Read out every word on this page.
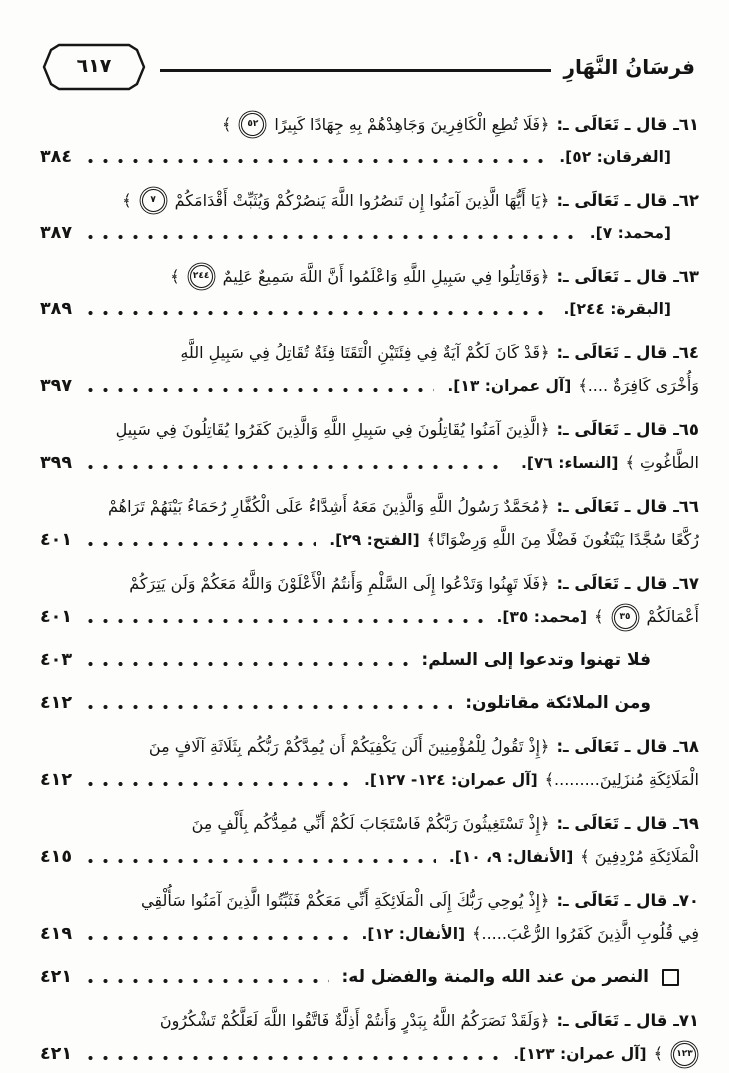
فرسَانُ النَّهَارِ
٦١٧
٦١ـ قال ـ تَعَالَى ـ:
﴿فَلَا تُطِعِ الْكَافِرِينَ وَجَاهِدْهُمْ بِهِ جِهَادًا كَبِيرًا
٥٢
﴾
[الفرقان: ٥٢].
٣٨٤
٦٢ـ قال ـ تَعَالَى ـ:
﴿يَا أَيُّهَا الَّذِينَ آمَنُوا إِن تَنصُرُوا اللَّهَ يَنصُرْكُمْ وَيُثَبِّتْ أَقْدَامَكُمْ
٧
﴾
[محمد: ٧].
٣٨٧
٦٣ـ قال ـ تَعَالَى ـ:
﴿وَقَاتِلُوا فِي سَبِيلِ اللَّهِ وَاعْلَمُوا أَنَّ اللَّهَ سَمِيعٌ عَلِيمٌ
٢٤٤
﴾
[البقرة: ٢٤٤].
٣٨٩
٦٤ـ قال ـ تَعَالَى ـ:
﴿قَدْ كَانَ لَكُمْ آيَةٌ فِي فِئَتَيْنِ الْتَقَتَا فِئَةٌ تُقَاتِلُ فِي سَبِيلِ اللَّهِ
وَأُخْرَى كَافِرَةٌ ....﴾
[آل عمران: ١٣].
٣٩٧
٦٥ـ قال ـ تَعَالَى ـ:
﴿الَّذِينَ آمَنُوا يُقَاتِلُونَ فِي سَبِيلِ اللَّهِ وَالَّذِينَ كَفَرُوا يُقَاتِلُونَ فِي سَبِيلِ
الطَّاغُوتِ ﴾
[النساء: ٧٦].
٣٩٩
٦٦ـ قال ـ تَعَالَى ـ:
﴿مُحَمَّدٌ رَسُولُ اللَّهِ وَالَّذِينَ مَعَهُ أَشِدَّاءُ عَلَى الْكُفَّارِ رُحَمَاءُ بَيْنَهُمْ تَرَاهُمْ
رُكَّعًا سُجَّدًا يَبْتَغُونَ فَضْلًا مِنَ اللَّهِ وَرِضْوَانًا﴾
[الفتح: ٢٩].
٤٠١
٦٧ـ قال ـ تَعَالَى ـ:
﴿فَلَا تَهِنُوا وَتَدْعُوا إِلَى السَّلْمِ وَأَنتُمُ الْأَعْلَوْنَ وَاللَّهُ مَعَكُمْ وَلَن يَتِرَكُمْ
أَعْمَالَكُمْ
٣٥
﴾
[محمد: ٣٥].
٤٠١
فلا تهنوا وتدعوا إلى السلم:
٤٠٣
ومن الملائكة مقاتلون:
٤١٢
٦٨ـ قال ـ تَعَالَى ـ:
﴿إِذْ تَقُولُ لِلْمُؤْمِنِينَ أَلَن يَكْفِيَكُمْ أَن يُمِدَّكُمْ رَبُّكُم بِثَلَاثَةِ آلَافٍ مِنَ
الْمَلَائِكَةِ مُنزَلِينَ.........﴾
[آل عمران: ١٢٤- ١٢٧].
٤١٢
٦٩ـ قال ـ تَعَالَى ـ:
﴿إِذْ تَسْتَغِيثُونَ رَبَّكُمْ فَاسْتَجَابَ لَكُمْ أَنِّي مُمِدُّكُم بِأَلْفٍ مِنَ
الْمَلَائِكَةِ مُرْدِفِينَ ﴾
[الأنفال: ٩، ١٠].
٤١٥
٧٠ـ قال ـ تَعَالَى ـ:
﴿إِذْ يُوحِي رَبُّكَ إِلَى الْمَلَائِكَةِ أَنِّي مَعَكُمْ فَثَبِّتُوا الَّذِينَ آمَنُوا سَأُلْقِي
فِي قُلُوبِ الَّذِينَ كَفَرُوا الرُّعْبَ.....﴾
[الأنفال: ١٢].
٤١٩
النصر من عند الله والمنة والفضل له:
٤٢١
٧١ـ قال ـ تَعَالَى ـ:
﴿وَلَقَدْ نَصَرَكُمُ اللَّهُ بِبَدْرٍ وَأَنتُمْ أَذِلَّةٌ فَاتَّقُوا اللَّهَ لَعَلَّكُمْ تَشْكُرُونَ
١٢٣
﴾
[آل عمران: ١٢٣].
٤٢١
